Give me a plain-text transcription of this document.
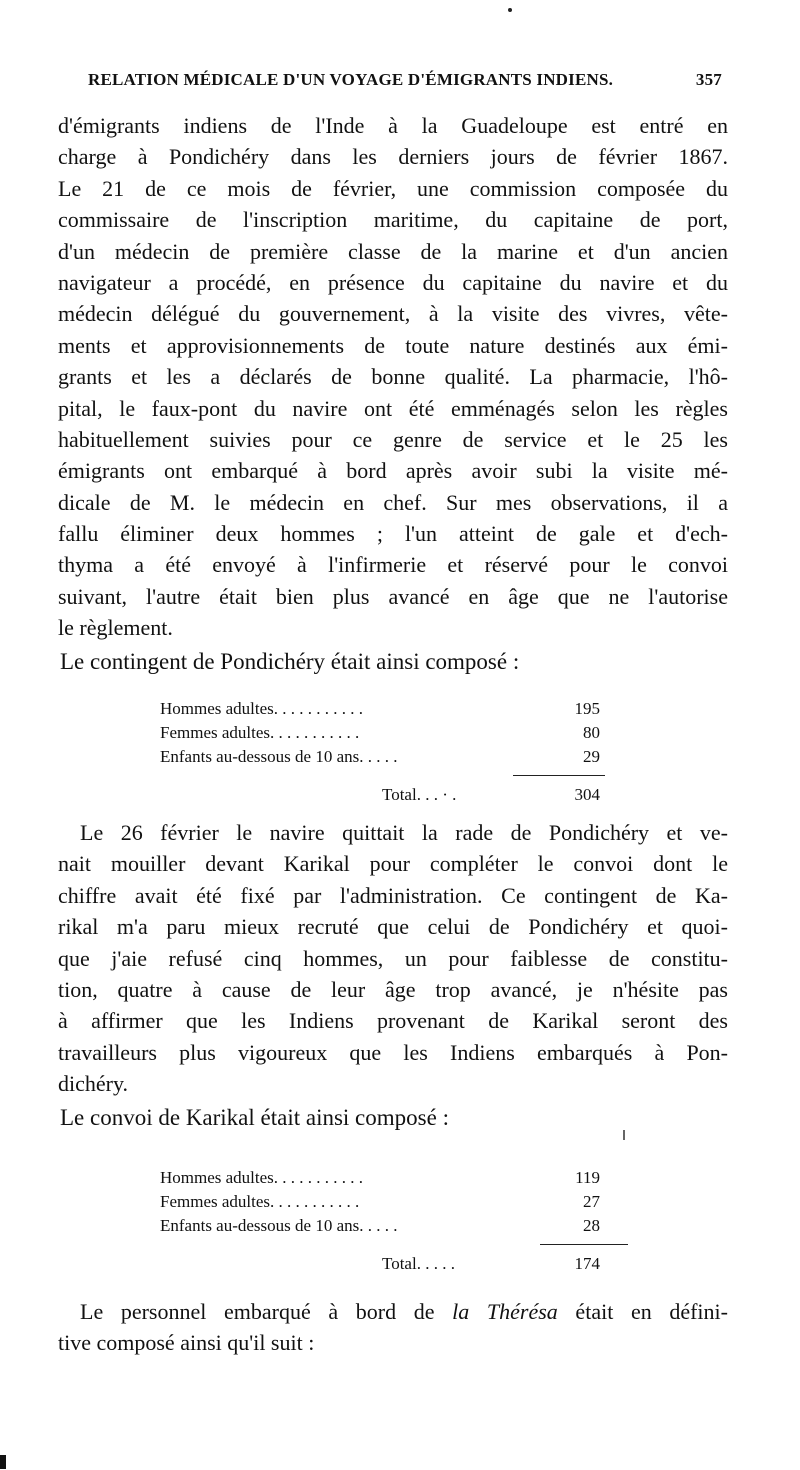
RELATION MÉDICALE D'UN VOYAGE D'ÉMIGRANTS INDIENS.	357
d'émigrants indiens de l'Inde à la Guadeloupe est entré en
charge à Pondichéry dans les derniers jours de février 1867.
Le 21 de ce mois de février, une commission composée du
commissaire de l'inscription maritime, du capitaine de port,
d'un médecin de première classe de la marine et d'un ancien
navigateur a procédé, en présence du capitaine du navire et du
médecin délégué du gouvernement, à la visite des vivres, vête-
ments et approvisionnements de toute nature destinés aux émi-
grants et les a déclarés de bonne qualité. La pharmacie, l'hô-
pital, le faux-pont du navire ont été emménagés selon les règles
habituellement suivies pour ce genre de service et le 25 les
émigrants ont embarqué à bord après avoir subi la visite mé-
dicale de M. le médecin en chef. Sur mes observations, il a
fallu éliminer deux hommes ; l'un atteint de gale et d'ech-
thyma a été envoyé à l'infirmerie et réservé pour le convoi
suivant, l'autre était bien plus avancé en âge que ne l'autorise
le règlement.
Le contingent de Pondichéry était ainsi composé :
Hommes adultes. . . . . . . . . . .	195
Femmes adultes. . . . . . . . . . .	80
Enfants au-dessous de 10 ans. . . . .	29
Total. . . · .	304
Le 26 février le navire quittait la rade de Pondichéry et ve-
nait mouiller devant Karikal pour compléter le convoi dont le
chiffre avait été fixé par l'administration. Ce contingent de Ka-
rikal m'a paru mieux recruté que celui de Pondichéry et quoi-
que j'aie refusé cinq hommes, un pour faiblesse de constitu-
tion, quatre à cause de leur âge trop avancé, je n'hésite pas
à affirmer que les Indiens provenant de Karikal seront des
travailleurs plus vigoureux que les Indiens embarqués à Pon-
dichéry.
Le convoi de Karikal était ainsi composé :
Hommes adultes. . . . . . . . . . .	119
Femmes adultes. . . . . . . . . . .	27
Enfants au-dessous de 10 ans. . . . .	28
Total. . . . .	174
Le personnel embarqué à bord de la Thérésa était en défini-
tive composé ainsi qu'il suit :
